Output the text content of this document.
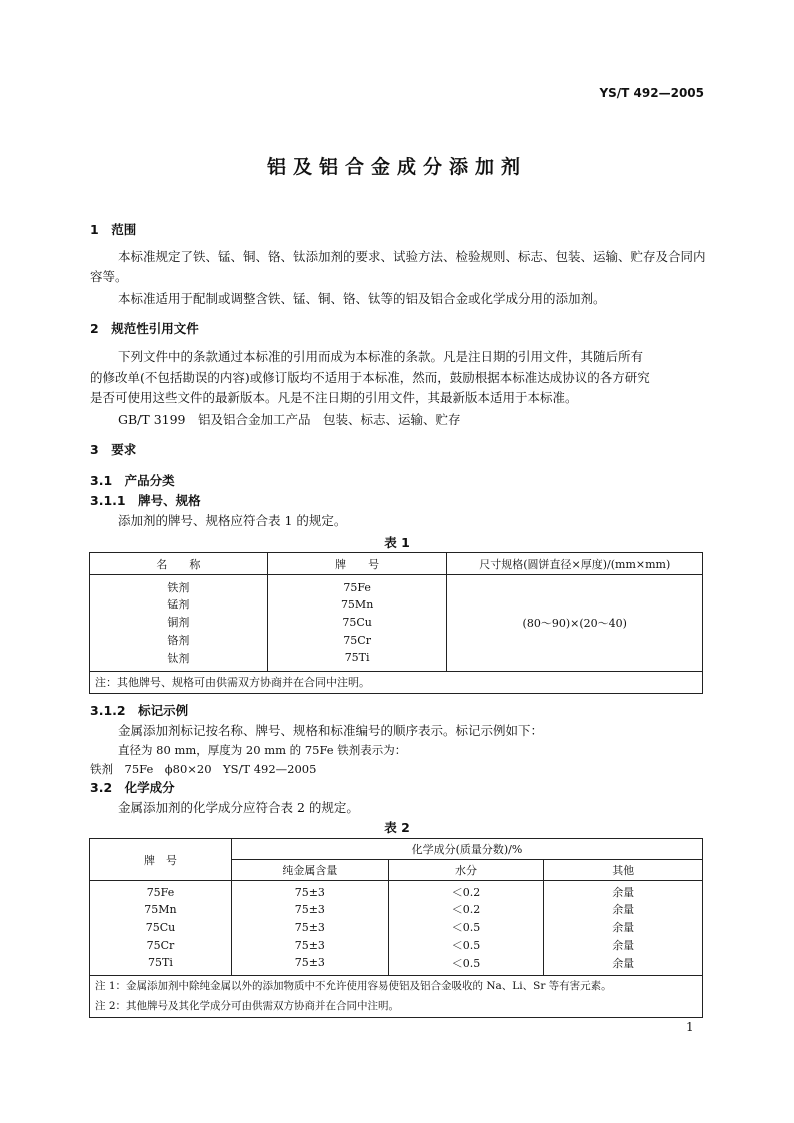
YS/T 492—2005
铝及铝合金成分添加剂
1　范围
本标准规定了铁、锰、铜、铬、钛添加剂的要求、试验方法、检验规则、标志、包装、运输、贮存及合同内
容等。
本标准适用于配制或调整含铁、锰、铜、铬、钛等的铝及铝合金或化学成分用的添加剂。
2　规范性引用文件
下列文件中的条款通过本标准的引用而成为本标准的条款。凡是注日期的引用文件，其随后所有
的修改单(不包括勘误的内容)或修订版均不适用于本标准，然而，鼓励根据本标准达成协议的各方研究
是否可使用这些文件的最新版本。凡是不注日期的引用文件，其最新版本适用于本标准。
GB/T 3199　铝及铝合金加工产品　包装、标志、运输、贮存
3　要求
3.1　产品分类
3.1.1　牌号、规格
添加剂的牌号、规格应符合表 1 的规定。
表 1
名　　称	牌　　号	尺寸规格(圆饼直径×厚度)/(mm×mm)
铁剂	75Fe	(80～90)×(20～40)
锰剂	75Mn	
铜剂	75Cu	
铬剂	75Cr	
钛剂	75Ti	
注：其他牌号、规格可由供需双方协商并在合同中注明。		
3.1.2　标记示例
金属添加剂标记按名称、牌号、规格和标准编号的顺序表示。标记示例如下：
直径为 80 mm，厚度为 20 mm 的 75Fe 铁剂表示为：
铁剂　75Fe　ϕ80×20　YS/T 492—2005
3.2　化学成分
金属添加剂的化学成分应符合表 2 的规定。
表 2
牌　号	化学成分(质量分数)/%		
	纯金属含量	水分	其他
75Fe	75±3	＜0.2	余量
75Mn	75±3	＜0.2	余量
75Cu	75±3	＜0.5	余量
75Cr	75±3	＜0.5	余量
75Ti	75±3	＜0.5	余量

注 1：金属添加剂中除纯金属以外的添加物质中不允许使用容易使铝及铝合金吸收的 Na、Li、Sr 等有害元素。
注 2：其他牌号及其化学成分可由供需双方协商并在合同中注明。			
1
